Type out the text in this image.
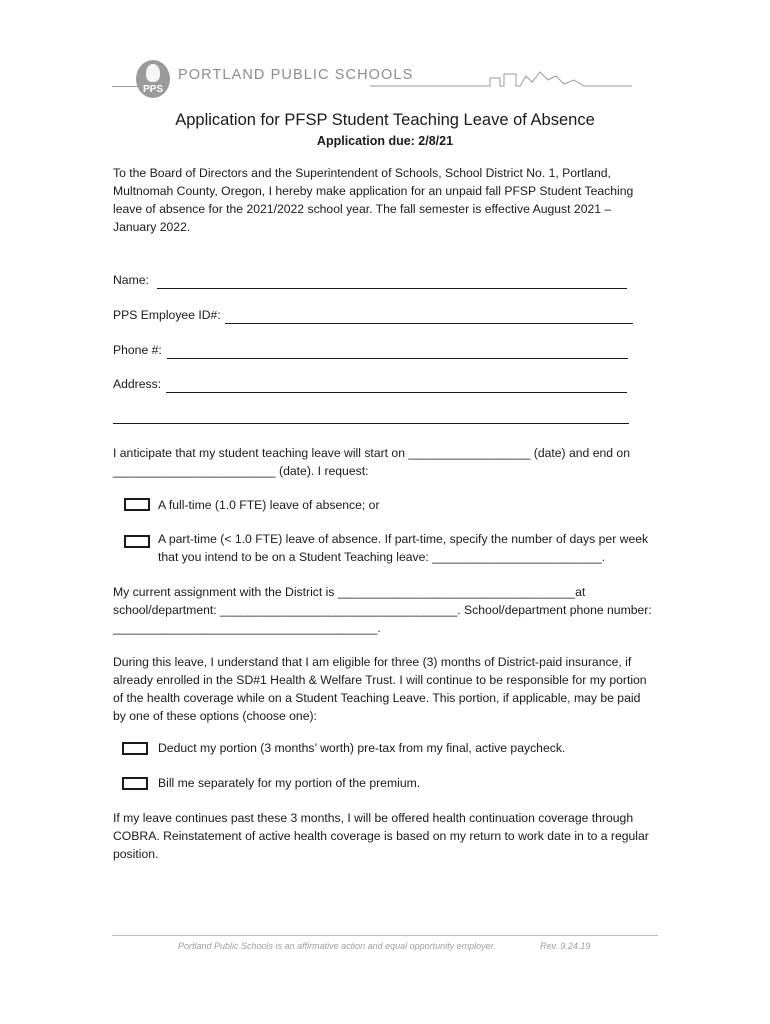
PPS
PORTLAND PUBLIC SCHOOLS
Application for PFSP Student Teaching Leave of Absence
Application due: 2/8/21
To the Board of Directors and the Superintendent of Schools, School District No. 1, Portland, Multnomah County, Oregon, I hereby make application for an unpaid fall PFSP Student Teaching leave of absence for the 2021/2022 school year. The fall semester is effective August 2021 – January 2022.
Name:
PPS Employee ID#:
Phone #:
Address:
I anticipate that my student teaching leave will start on __________________ (date) and end on ________________________ (date). I request:
A full-time (1.0 FTE) leave of absence; or
A part-time (< 1.0 FTE) leave of absence. If part-time, specify the number of days per week that you intend to be on a Student Teaching leave: _________________________.
My current assignment with the District is ___________________________________at school/department: ___________________________________. School/department phone number: _______________________________________.
During this leave, I understand that I am eligible for three (3) months of District-paid insurance, if already enrolled in the SD#1 Health & Welfare Trust. I will continue to be responsible for my portion of the health coverage while on a Student Teaching Leave. This portion, if applicable, may be paid by one of these options (choose one):
Deduct my portion (3 months’ worth) pre-tax from my final, active paycheck.
Bill me separately for my portion of the premium.
If my leave continues past these 3 months, I will be offered health continuation coverage through COBRA. Reinstatement of active health coverage is based on my return to work date in to a regular position.
Portland Public Schools is an affirmative action and equal opportunity employer.	Rev. 9.24.19
